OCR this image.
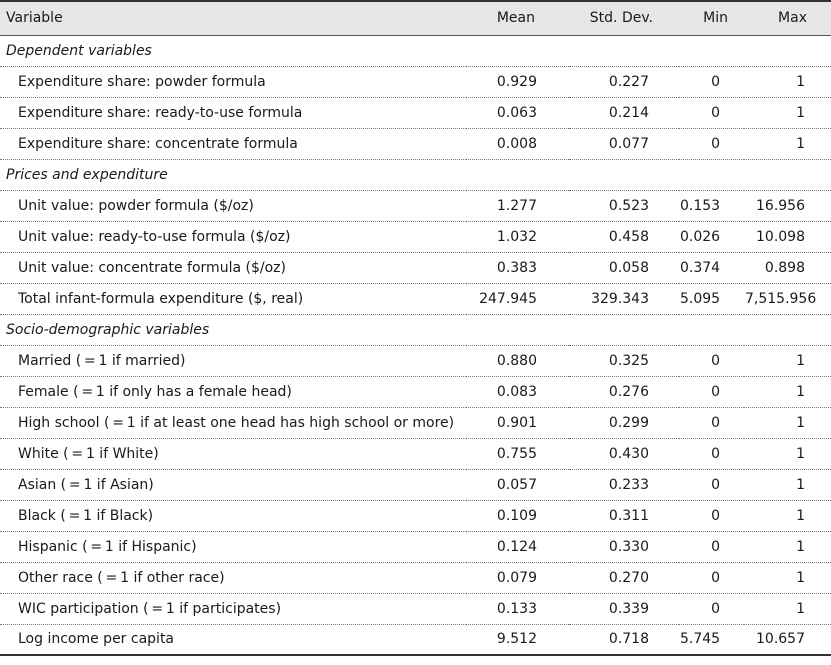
Variable	Mean	Std. Dev.	Min	Max
Dependent variables				
Expenditure share: powder formula	0.929	0.227	0	1
Expenditure share: ready-to-use formula	0.063	0.214	0	1
Expenditure share: concentrate formula	0.008	0.077	0	1
Prices and expenditure				
Unit value: powder formula ($/oz)	1.277	0.523	0.153	16.956
Unit value: ready-to-use formula ($/oz)	1.032	0.458	0.026	10.098
Unit value: concentrate formula ($/oz)	0.383	0.058	0.374	0.898
Total infant-formula expenditure ($, real)	247.945	329.343	5.095	7,515.956
Socio-demographic variables				
Married ( = 1 if married)	0.880	0.325	0	1
Female ( = 1 if only has a female head)	0.083	0.276	0	1
High school ( = 1 if at least one head has high school or more)	0.901	0.299	0	1
White ( = 1 if White)	0.755	0.430	0	1
Asian ( = 1 if Asian)	0.057	0.233	0	1
Black ( = 1 if Black)	0.109	0.311	0	1
Hispanic ( = 1 if Hispanic)	0.124	0.330	0	1
Other race ( = 1 if other race)	0.079	0.270	0	1
WIC participation ( = 1 if participates)	0.133	0.339	0	1
Log income per capita	9.512	0.718	5.745	10.657
